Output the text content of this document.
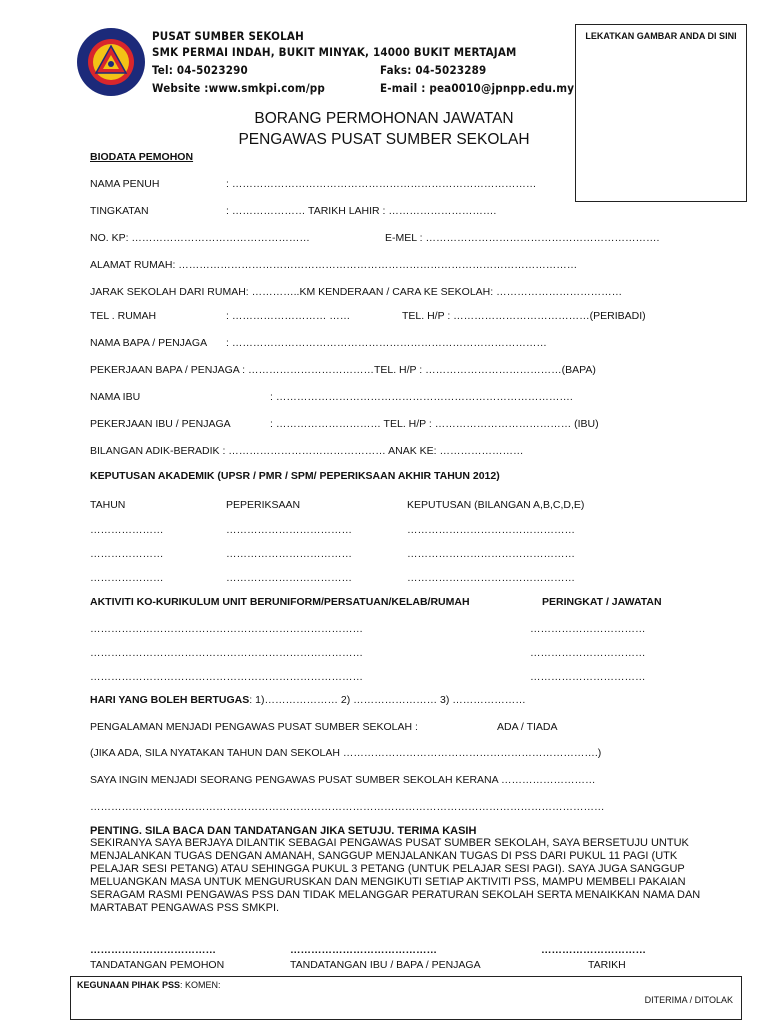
PUSAT SUMBER SEKOLAH
SMK PERMAI INDAH, BUKIT MINYAK, 14000 BUKIT MERTAJAM
Tel: 04-5023290	Faks: 04-5023289
Website :www.smkpi.com/pp	E-mail : pea0010@jpnpp.edu.my
LEKATKAN GAMBAR ANDA DI SINI
BORANG PERMOHONAN JAWATAN
PENGAWAS PUSAT SUMBER SEKOLAH
BIODATA PEMOHON
NAMA PENUH	: ……………………………………………………………………………
TINGKATAN	: ………………… TARIKH LAHIR : ………………………….
NO. KP: ……………………………………………	E-MEL : ………………………………………………………….
ALAMAT RUMAH: ……………………………………………………………………………………………………
JARAK SEKOLAH DARI RUMAH: …………..KM KENDERAAN / CARA KE SEKOLAH: ………………………………
TEL . RUMAH	: ……………………… ……	TEL. H/P : …………………………………(PERIBADI)
NAMA BAPA / PENJAGA : ………………………………………………………………………………
PEKERJAAN BAPA / PENJAGA : ………………………………TEL. H/P : …………………………………(BAPA)
NAMA IBU	: ………………………………………………………………………….
PEKERJAAN IBU / PENJAGA	: ………………………… TEL. H/P : ………………………………… (IBU)
BILANGAN ADIK-BERADIK : ……………………………………… ANAK KE: ……………………
KEPUTUSAN AKADEMIK (UPSR / PMR / SPM/ PEPERIKSAAN AKHIR TAHUN 2012)
TAHUN	PEPERIKSAAN	KEPUTUSAN (BILANGAN A,B,C,D,E)
…………………	………………………………	…………………………………………
…………………	………………………………	…………………………………………
…………………	………………………………	…………………………………………
AKTIVITI KO-KURIKULUM UNIT BERUNIFORM/PERSATUAN/KELAB/RUMAH	PERINGKAT / JAWATAN
……………………………………………………………………	……………………………
……………………………………………………………………	……………………………
……………………………………………………………………	……………………………
HARI YANG BOLEH BERTUGAS: 1)………………… 2) …………………… 3) …………………
PENGALAMAN MENJADI PENGAWAS PUSAT SUMBER SEKOLAH :	ADA / TIADA
(JIKA ADA, SILA NYATAKAN TAHUN DAN SEKOLAH ……………………………………………………………….)
SAYA INGIN MENJADI SEORANG PENGAWAS PUSAT SUMBER SEKOLAH KERANA ………………………
…………………………………………………………………………………………………………………………………
PENTING. SILA BACA DAN TANDATANGAN JIKA SETUJU. TERIMA KASIH
SEKIRANYA SAYA BERJAYA DILANTIK SEBAGAI PENGAWAS PUSAT SUMBER SEKOLAH, SAYA BERSETUJU UNTUK MENJALANKAN TUGAS DENGAN AMANAH, SANGGUP MENJALANKAN TUGAS DI PSS DARI PUKUL 11 PAGI (UTK PELAJAR SESI PETANG) ATAU SEHINGGA PUKUL 3 PETANG (UNTUK PELAJAR SESI PAGI). SAYA JUGA SANGGUP MELUANGKAN MASA UNTUK MENGURUSKAN DAN MENGIKUTI SETIAP AKTIVITI PSS, MAMPU MEMBELI PAKAIAN SERAGAM RASMI PENGAWAS PSS DAN TIDAK MELANGGAR PERATURAN SEKOLAH SERTA MENAIKKAN NAMA DAN MARTABAT PENGAWAS PSS SMKPI.
………………………………	……………………………………	…………………………
TANDATANGAN PEMOHON	TANDATANGAN IBU / BAPA / PENJAGA	TARIKH
KEGUNAAN PIHAK PSS: KOMEN:
DITERIMA / DITOLAK
